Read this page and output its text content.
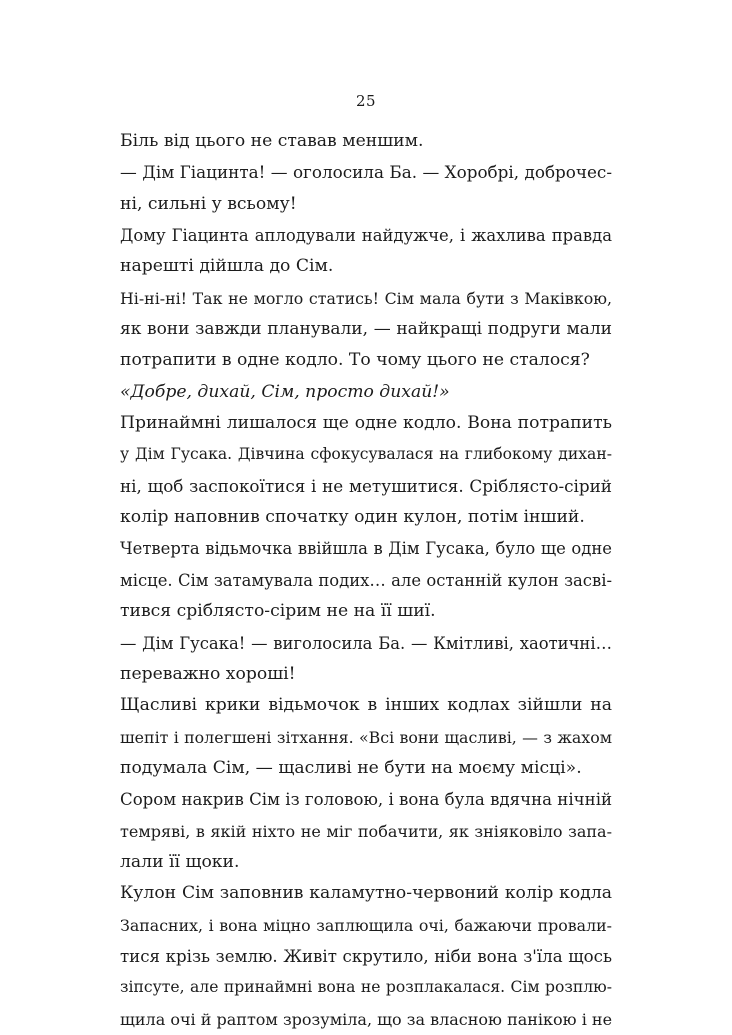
25
Біль від цього не ставав меншим.
— Дім Гіацинта! — оголосила Ба. — Хоробрі, доброчес-
ні, сильні у всьому!
Дому Гіацинта аплодували найдужче, і жахлива правда
нарешті дійшла до Сім.
Ні-ні-ні! Так не могло статись! Сім мала бути з Маківкою,
як вони завжди планували, — найкращі подруги мали
потрапити в одне кодло. То чому цього не сталося?
«Добре, дихай, Сім, просто дихай!»
Принаймні лишалося ще одне кодло. Вона потрапить
у Дім Гусака. Дівчина сфокусувалася на глибокому дихан-
ні, щоб заспокоїтися і не метушитися. Сріблясто-сірий
колір наповнив спочатку один кулон, потім інший.
Четверта відьмочка ввійшла в Дім Гусака, було ще одне
місце. Сім затамувала подих… але останній кулон засві-
тився сріблясто-сірим не на її шиї.
— Дім Гусака! — виголосила Ба. — Кмітливі, хаотичні…
переважно хороші!
Щасливі крики відьмочок в інших кодлах зійшли на
шепіт і полегшені зітхання. «Всі вони щасливі, — з жахом
подумала Сім, — щасливі не бути на моєму місці».
Сором накрив Сім із головою, і вона була вдячна нічній
темряві, в якій ніхто не міг побачити, як зніяковіло запа-
лали її щоки.
Кулон Сім заповнив каламутно-червоний колір кодла
Запасних, і вона міцно заплющила очі, бажаючи провали-
тися крізь землю. Живіт скрутило, ніби вона з'їла щось
зіпсуте, але принаймні вона не розплакалася. Сім розплю-
щила очі й раптом зрозуміла, що за власною панікою і не
